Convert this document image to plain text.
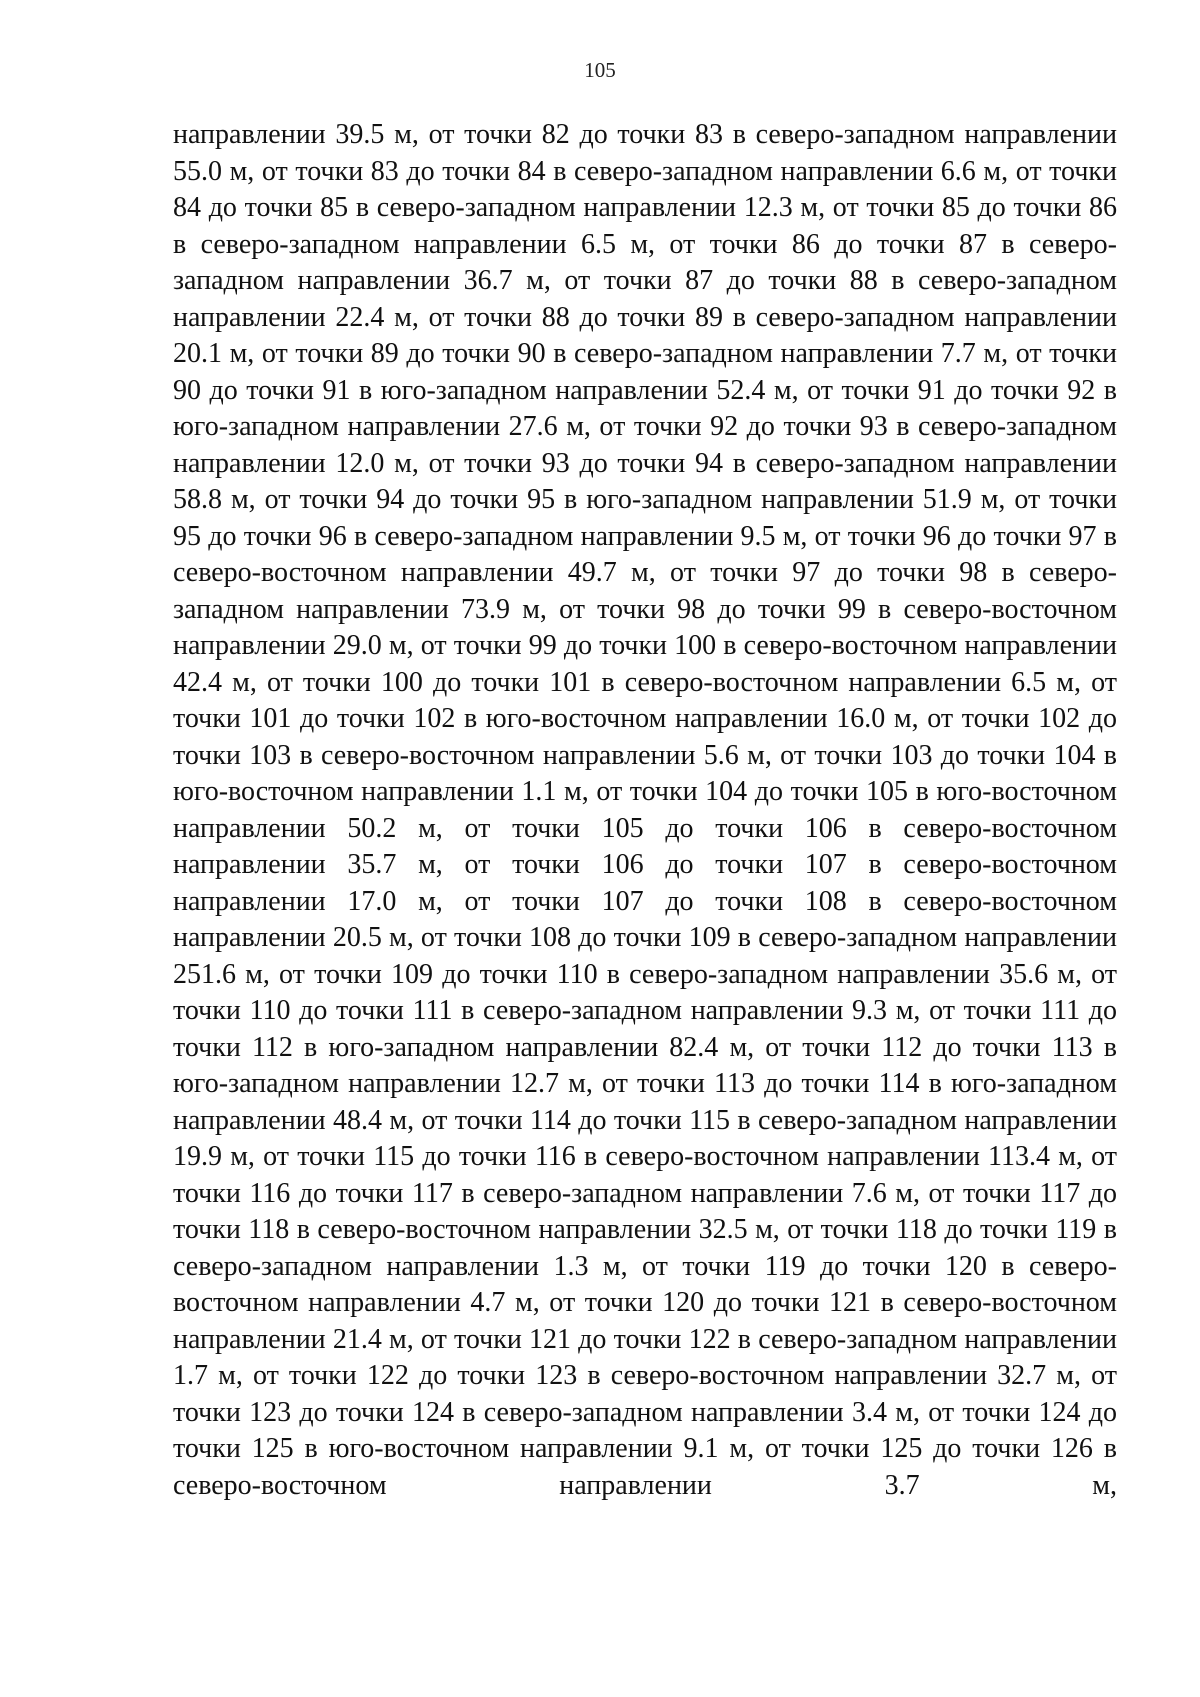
105

направлении 39.5 м, от точки 82 до точки 83 в северо-западном направлении 55.0 м, от точки 83 до точки 84 в северо-западном направлении 6.6 м, от точки 84 до точки 85 в северо-западном направлении 12.3 м, от точки 85 до точки 86 в северо-западном направлении 6.5 м, от точки 86 до точки 87 в северо-западном направлении 36.7 м, от точки 87 до точки 88 в северо-западном направлении 22.4 м, от точки 88 до точки 89 в северо-западном направлении 20.1 м, от точки 89 до точки 90 в северо-западном направлении 7.7 м, от точки 90 до точки 91 в юго-западном направлении 52.4 м, от точки 91 до точки 92 в юго-западном направлении 27.6 м, от точки 92 до точки 93 в северо-западном направлении 12.0 м, от точки 93 до точки 94 в северо-западном направлении 58.8 м, от точки 94 до точки 95 в юго-западном направлении 51.9 м, от точки 95 до точки 96 в северо-западном направлении 9.5 м, от точки 96 до точки 97 в северо-восточном направлении 49.7 м, от точки 97 до точки 98 в северо-западном направлении 73.9 м, от точки 98 до точки 99 в северо-восточном направлении 29.0 м, от точки 99 до точки 100 в северо-восточном направлении 42.4 м, от точки 100 до точки 101 в северо-восточном направлении 6.5 м, от точки 101 до точки 102 в юго-восточном направлении 16.0 м, от точки 102 до точки 103 в северо-восточном направлении 5.6 м, от точки 103 до точки 104 в юго-восточном направлении 1.1 м, от точки 104 до точки 105 в юго-восточном направлении 50.2 м, от точки 105 до точки 106 в северо-восточном направлении 35.7 м, от точки 106 до точки 107 в северо-восточном направлении 17.0 м, от точки 107 до точки 108 в северо-восточном направлении 20.5 м, от точки 108 до точки 109 в северо-западном направлении 251.6 м, от точки 109 до точки 110 в северо-западном направлении 35.6 м, от точки 110 до точки 111 в северо-западном направлении 9.3 м, от точки 111 до точки 112 в юго-западном направлении 82.4 м, от точки 112 до точки 113 в юго-западном направлении 12.7 м, от точки 113 до точки 114 в юго-западном направлении 48.4 м, от точки 114 до точки 115 в северо-западном направлении 19.9 м, от точки 115 до точки 116 в северо-восточном направлении 113.4 м, от точки 116 до точки 117 в северо-западном направлении 7.6 м, от точки 117 до точки 118 в северо-восточном направлении 32.5 м, от точки 118 до точки 119 в северо-западном направлении 1.3 м, от точки 119 до точки 120 в северо-восточном направлении 4.7 м, от точки 120 до точки 121 в северо-восточном направлении 21.4 м, от точки 121 до точки 122 в северо-западном направлении 1.7 м, от точки 122 до точки 123 в северо-восточном направлении 32.7 м, от точки 123 до точки 124 в северо-западном направлении 3.4 м, от точки 124 до точки 125 в юго-восточном направлении 9.1 м, от точки 125 до точки 126 в северо-восточном направлении 3.7 м,
